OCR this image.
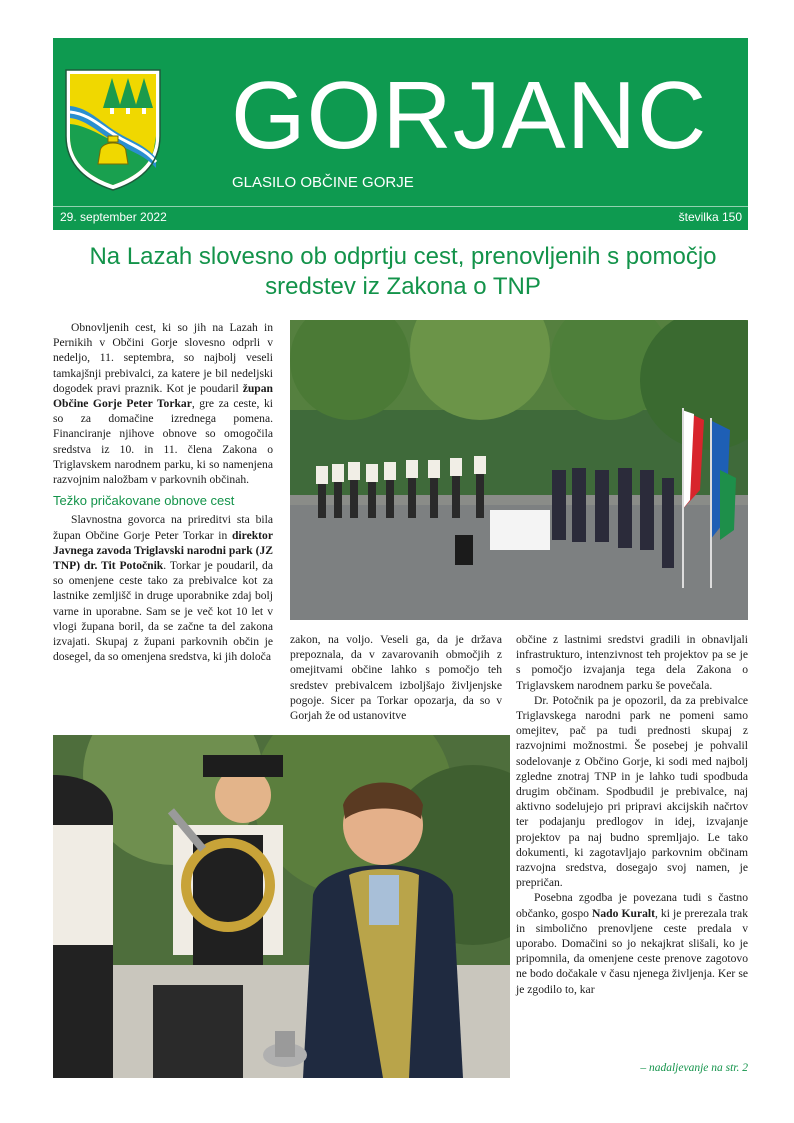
GORJANC
GLASILO OBČINE GORJE
29. september 2022	številka 150
Na Lazah slovesno ob odprtju cest, prenovljenih s pomočjo sredstev iz Zakona o TNP

Obnovljenih cest, ki so jih na Lazah in Pernikih v Občini Gorje slovesno odprli v nedeljo, 11. septembra, so najbolj veseli tamkajšnji prebivalci, za katere je bil nedeljski dogodek pravi praznik. Kot je poudaril župan Občine Gorje Peter Torkar, gre za ceste, ki so za domačine izrednega pomena. Financiranje njihove obnove so omogočila sredstva iz 10. in 11. člena Zakona o Triglavskem narodnem parku, ki so namenjena razvojnim naložbam v parkovnih občinah.

Težko pričakovane obnove cest

Slavnostna govorca na prireditvi sta bila župan Občine Gorje Peter Torkar in direktor Javnega zavoda Triglavski narodni park (JZ TNP) dr. Tit Potočnik. Torkar je poudaril, da so omenjene ceste tako za prebivalce kot za lastnike zemljišč in druge uporabnike zdaj bolj varne in uporabne. Sam se je več kot 10 let v vlogi župana boril, da se začne ta del zakona izvajati. Skupaj z župani parkovnih občin je dosegel, da so omenjena sredstva, ki jih določa

zakon, na voljo. Veseli ga, da je država prepoznala, da v zavarovanih območjih z omejitvami občine lahko s pomočjo teh sredstev prebivalcem izboljšajo življenjske pogoje. Sicer pa Torkar opozarja, da so v Gorjah že od ustanovitve

občine z lastnimi sredstvi gradili in obnavljali infrastrukturo, intenzivnost teh projektov pa se je s pomočjo izvajanja tega dela Zakona o Triglavskem narodnem parku še povečala.

Dr. Potočnik pa je opozoril, da za prebivalce Triglavskega narodni park ne pomeni samo omejitev, pač pa tudi prednosti skupaj z razvojnimi možnostmi. Še posebej je pohvalil sodelovanje z Občino Gorje, ki sodi med najbolj zgledne znotraj TNP in je lahko tudi spodbuda drugim občinam. Spodbudil je prebivalce, naj aktivno sodelujejo pri pripravi akcijskih načrtov ter podajanju predlogov in idej, izvajanje projektov pa naj budno spremljajo. Le tako dokumenti, ki zagotavljajo parkovnim občinam razvojna sredstva, dosegajo svoj namen, je prepričan.

Posebna zgodba je povezana tudi s častno občanko, gospo Nado Kuralt, ki je prerezala trak in simbolično prenovljene ceste predala v uporabo. Domačini so jo nekajkrat slišali, ko je pripomnila, da omenjene ceste prenove zagotovo ne bodo dočakale v času njenega življenja. Ker se je zgodilo to, kar

– nadaljevanje na str. 2
